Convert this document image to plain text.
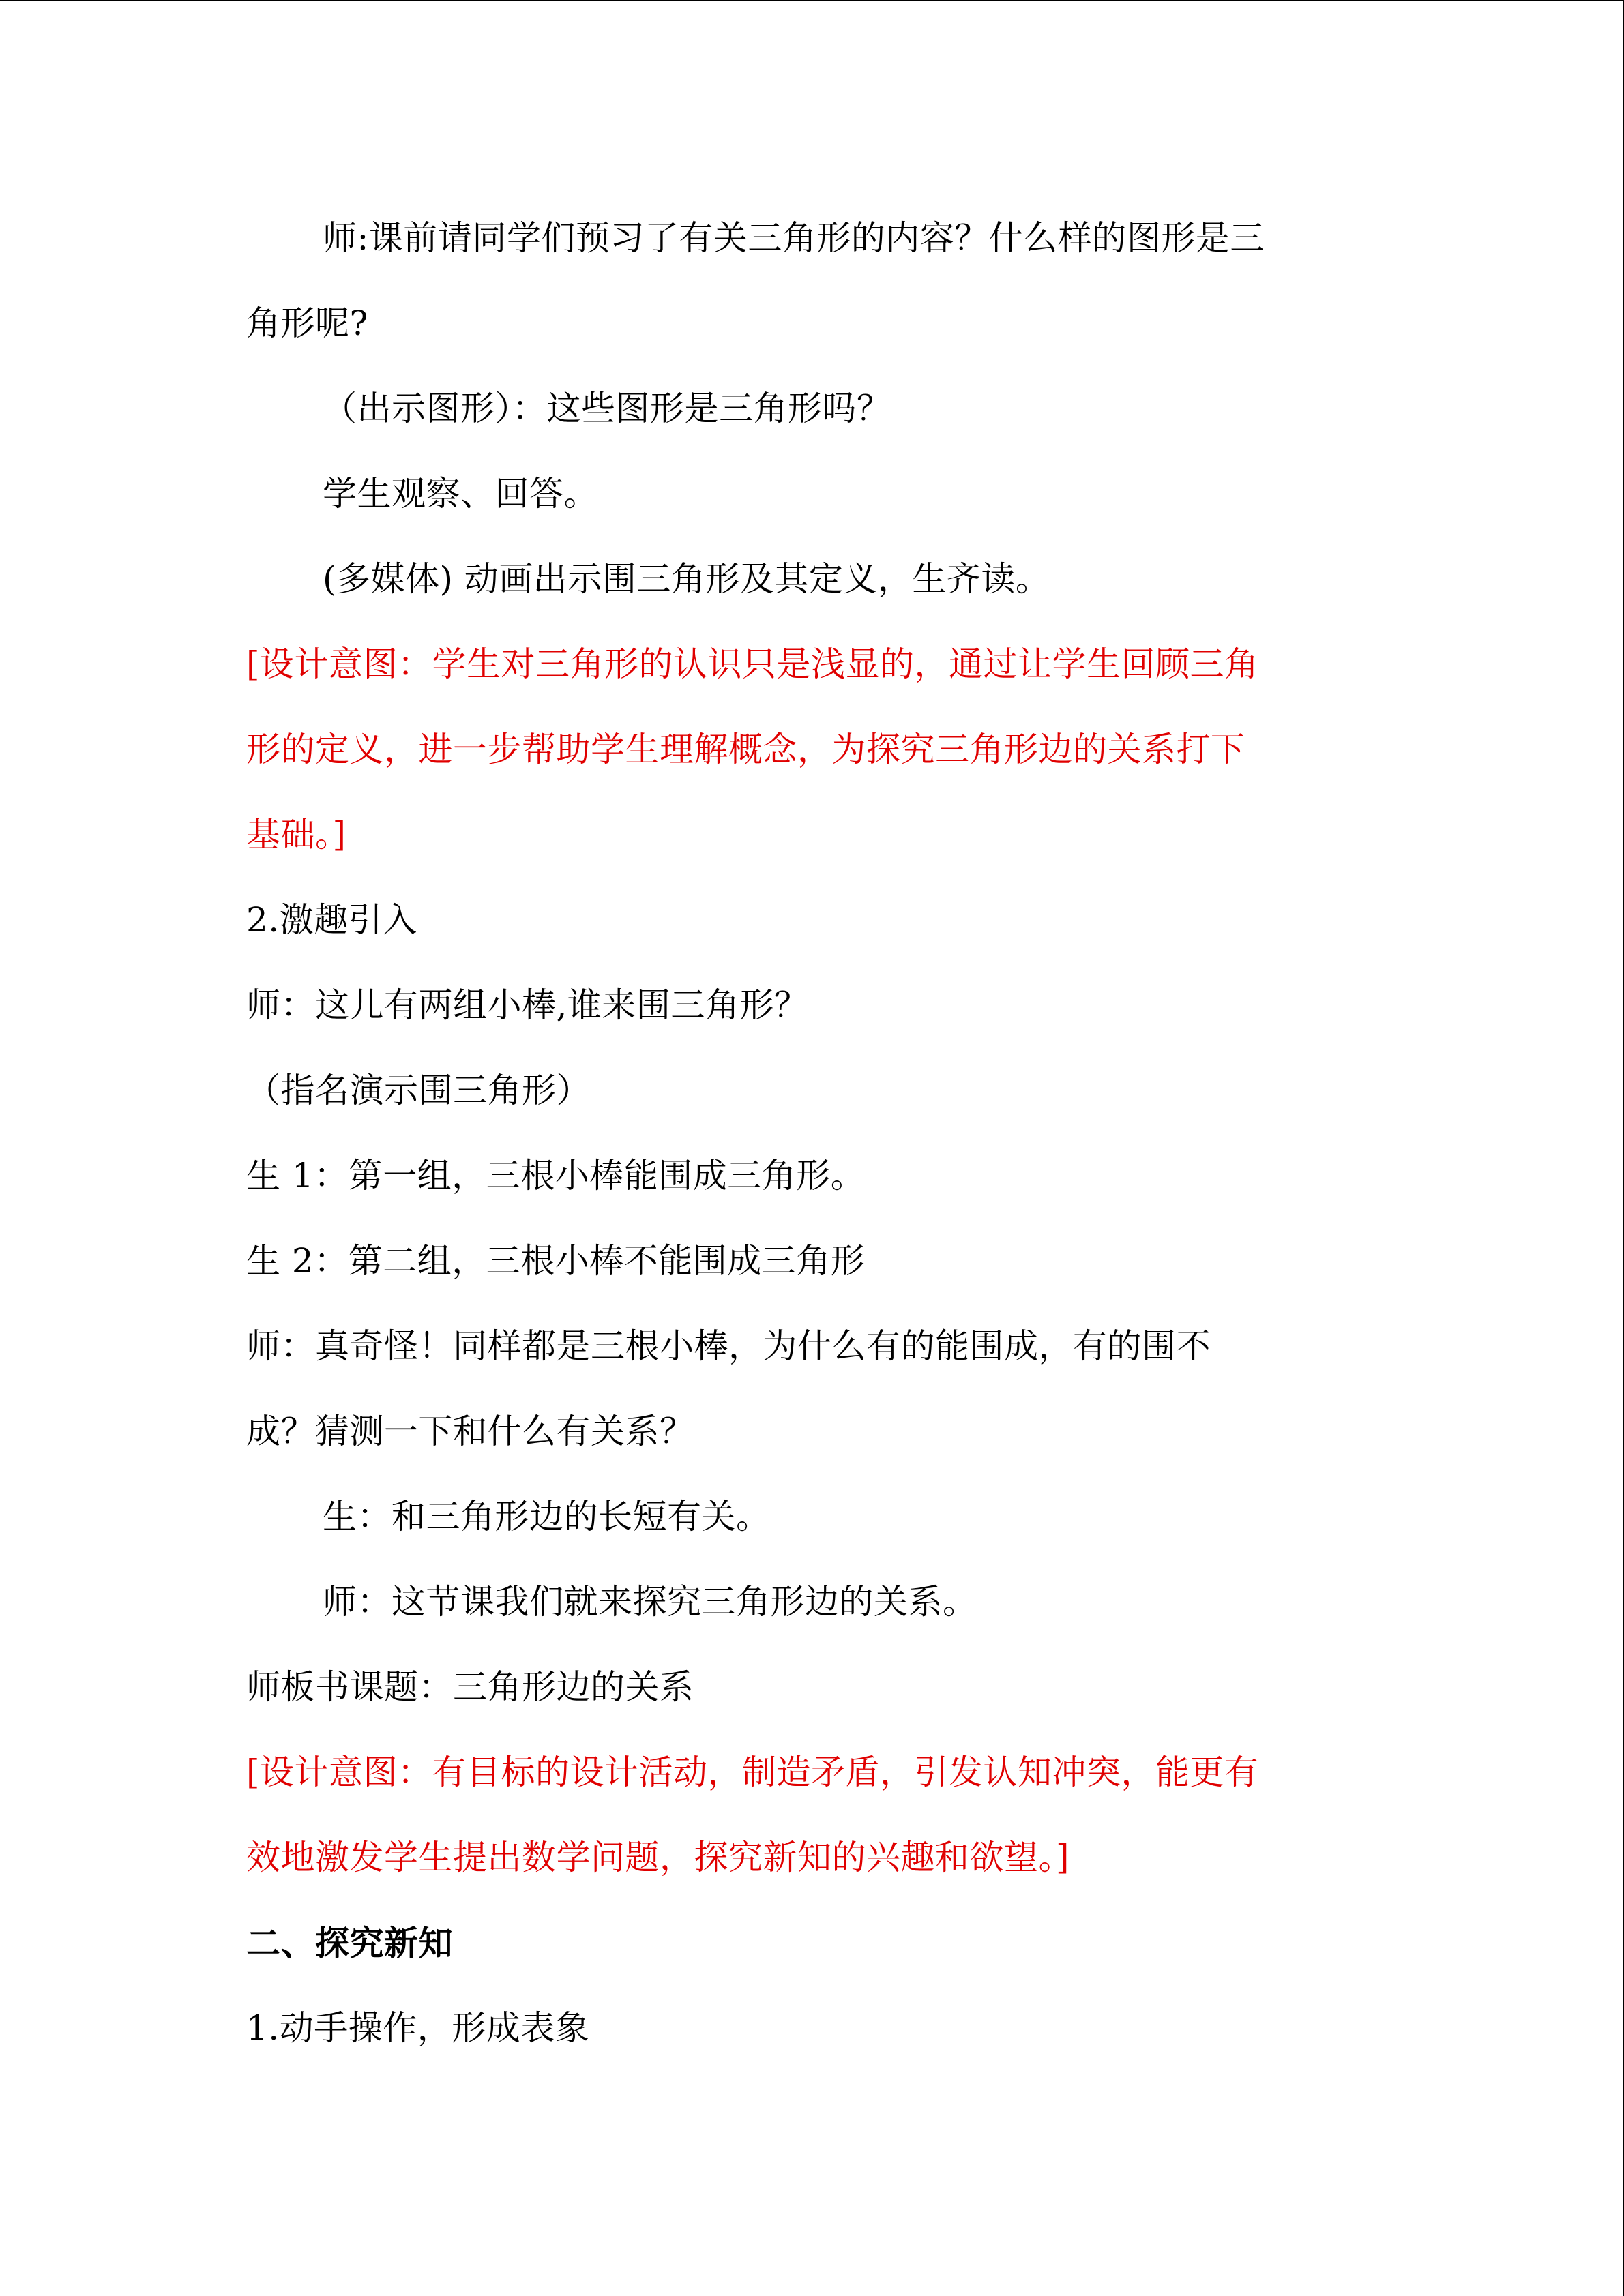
师:课前请同学们预习了有关三角形的内容？什么样的图形是三
角形呢?
（出示图形）：这些图形是三角形吗？
学生观察、回答。
(多媒体) 动画出示围三角形及其定义，生齐读。
[设计意图：学生对三角形的认识只是浅显的，通过让学生回顾三角
形的定义，进一步帮助学生理解概念，为探究三角形边的关系打下
基础。]
2.激趣引入
师：这儿有两组小棒,谁来围三角形？
（指名演示围三角形）
生 1：第一组，三根小棒能围成三角形。
生 2：第二组，三根小棒不能围成三角形
师：真奇怪！同样都是三根小棒，为什么有的能围成，有的围不
成？猜测一下和什么有关系？
生：和三角形边的长短有关。
师：这节课我们就来探究三角形边的关系。
师板书课题：三角形边的关系
[设计意图：有目标的设计活动，制造矛盾，引发认知冲突，能更有
效地激发学生提出数学问题，探究新知的兴趣和欲望。]
二、探究新知
1.动手操作，形成表象
